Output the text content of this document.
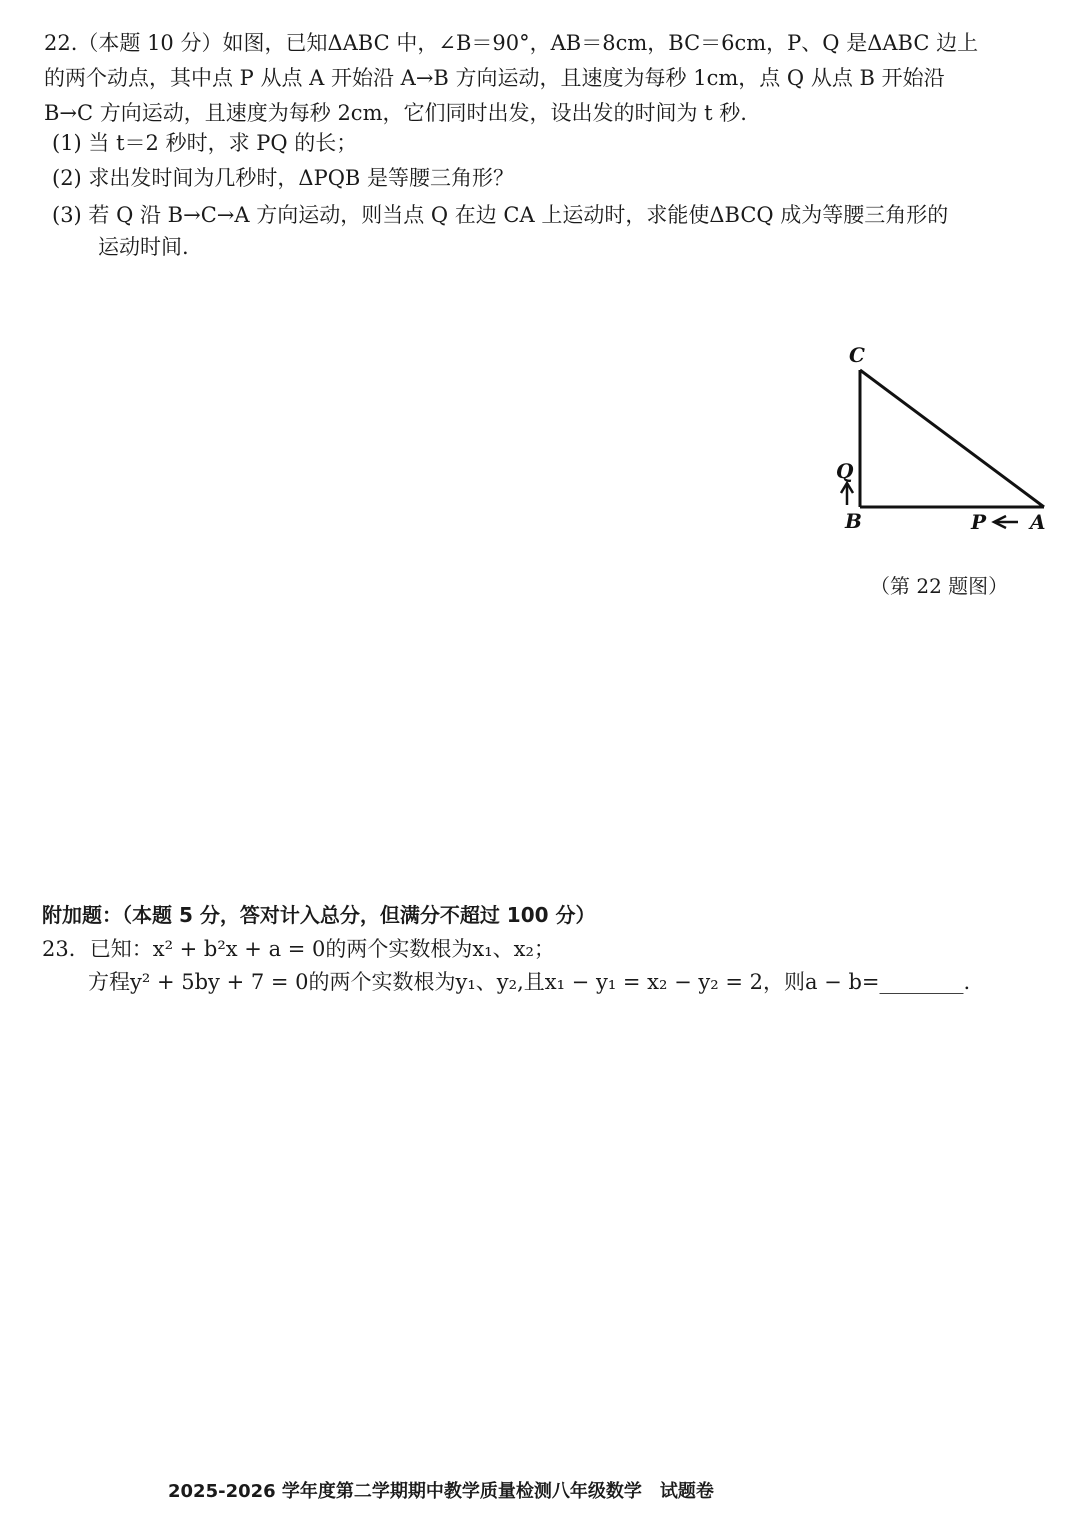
22.（本题 10 分）如图，已知ΔABC 中，∠B＝90°，AB＝8cm，BC＝6cm，P、Q 是ΔABC 边上
的两个动点，其中点 P 从点 A 开始沿 A→B 方向运动，且速度为每秒 1cm，点 Q 从点 B 开始沿
B→C 方向运动，且速度为每秒 2cm，它们同时出发，设出发的时间为 t 秒.
(1) 当 t＝2 秒时，求 PQ 的长；
(2) 求出发时间为几秒时，ΔPQB 是等腰三角形？
(3) 若 Q 沿 B→C→A 方向运动，则当点 Q 在边 CA 上运动时，求能使ΔBCQ 成为等腰三角形的
运动时间.
C
Q
B	P A
（第 22 题图）
附加题：（本题 5 分，答对计入总分，但满分不超过 100 分）
23．已知：x² + b²x + a = 0的两个实数根为x₁、x₂；
方程y² + 5by + 7 = 0的两个实数根为y₁、y₂,且x₁ − y₁ = x₂ − y₂ = 2，则a − b=________.
2025-2026 学年度第二学期期中教学质量检测八年级数学　试题卷
